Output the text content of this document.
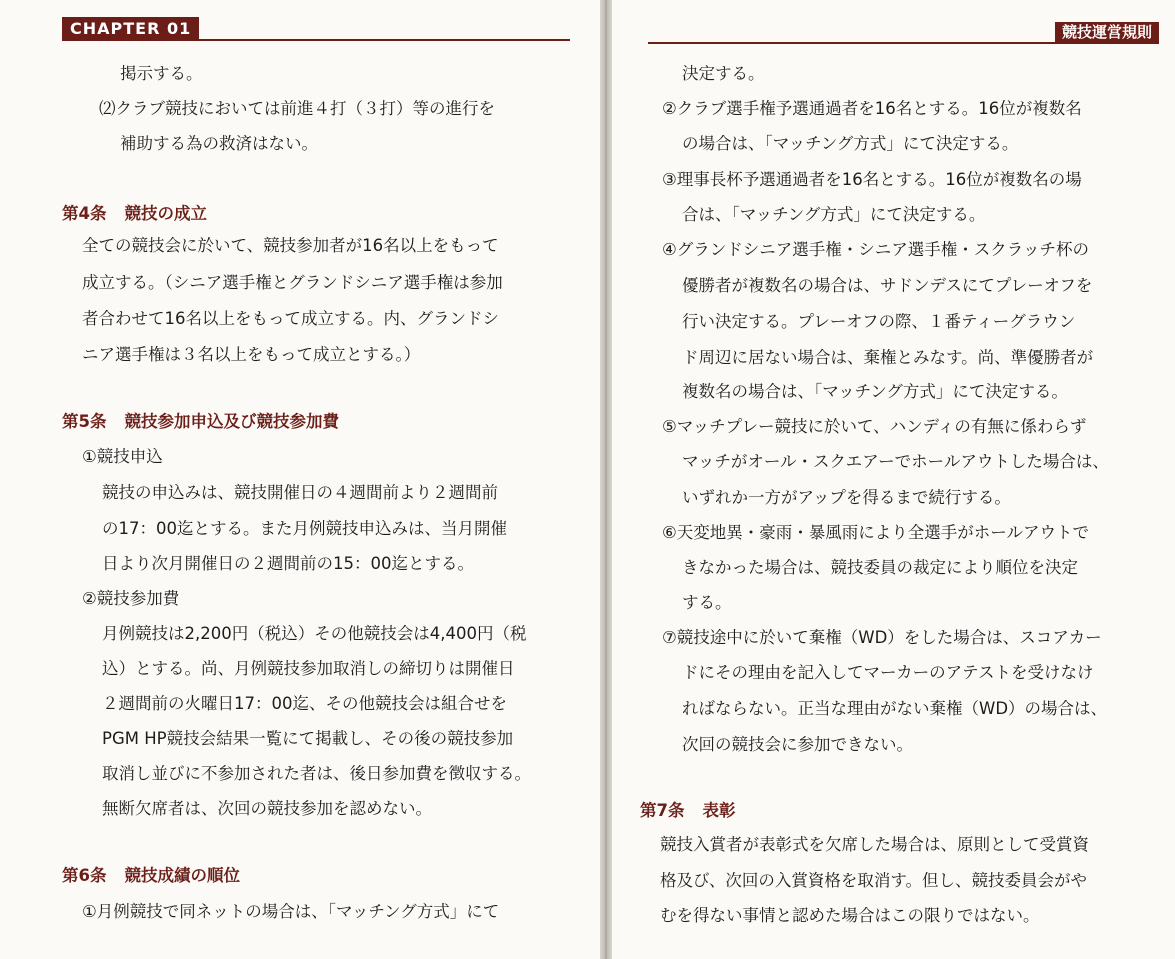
CHAPTER 01
掲示する。
⑵クラブ競技においては前進４打（３打）等の進行を
補助する為の救済はない。
第4条 競技の成立
全ての競技会に於いて、競技参加者が16名以上をもって
成立する。（シニア選手権とグランドシニア選手権は参加
者合わせて16名以上をもって成立する。内、グランドシ
ニア選手権は３名以上をもって成立とする。）
第5条 競技参加申込及び競技参加費
①競技申込
競技の申込みは、競技開催日の４週間前より２週間前
の17：00迄とする。また月例競技申込みは、当月開催
日より次月開催日の２週間前の15：00迄とする。
②競技参加費
月例競技は2,200円（税込）その他競技会は4,400円（税
込）とする。尚、月例競技参加取消しの締切りは開催日
２週間前の火曜日17：00迄、その他競技会は組合せを
PGM HP競技会結果一覧にて掲載し、その後の競技参加
取消し並びに不参加された者は、後日参加費を徴収する。
無断欠席者は、次回の競技参加を認めない。
第6条 競技成績の順位
①月例競技で同ネットの場合は、「マッチング方式」にて
競技運営規則
決定する。
②クラブ選手権予選通過者を16名とする。16位が複数名
の場合は、「マッチング方式」にて決定する。
③理事長杯予選通過者を16名とする。16位が複数名の場
合は、「マッチング方式」にて決定する。
④グランドシニア選手権・シニア選手権・スクラッチ杯の
優勝者が複数名の場合は、サドンデスにてプレーオフを
行い決定する。プレーオフの際、１番ティーグラウン
ド周辺に居ない場合は、棄権とみなす。尚、準優勝者が
複数名の場合は、「マッチング方式」にて決定する。
⑤マッチプレー競技に於いて、ハンディの有無に係わらず
マッチがオール・スクエアーでホールアウトした場合は、
いずれか一方がアップを得るまで続行する。
⑥天変地異・豪雨・暴風雨により全選手がホールアウトで
きなかった場合は、競技委員の裁定により順位を決定
する。
⑦競技途中に於いて棄権（WD）をした場合は、スコアカー
ドにその理由を記入してマーカーのアテストを受けなけ
ればならない。正当な理由がない棄権（WD）の場合は、
次回の競技会に参加できない。
第7条 表彰
競技入賞者が表彰式を欠席した場合は、原則として受賞資
格及び、次回の入賞資格を取消す。但し、競技委員会がや
むを得ない事情と認めた場合はこの限りではない。
